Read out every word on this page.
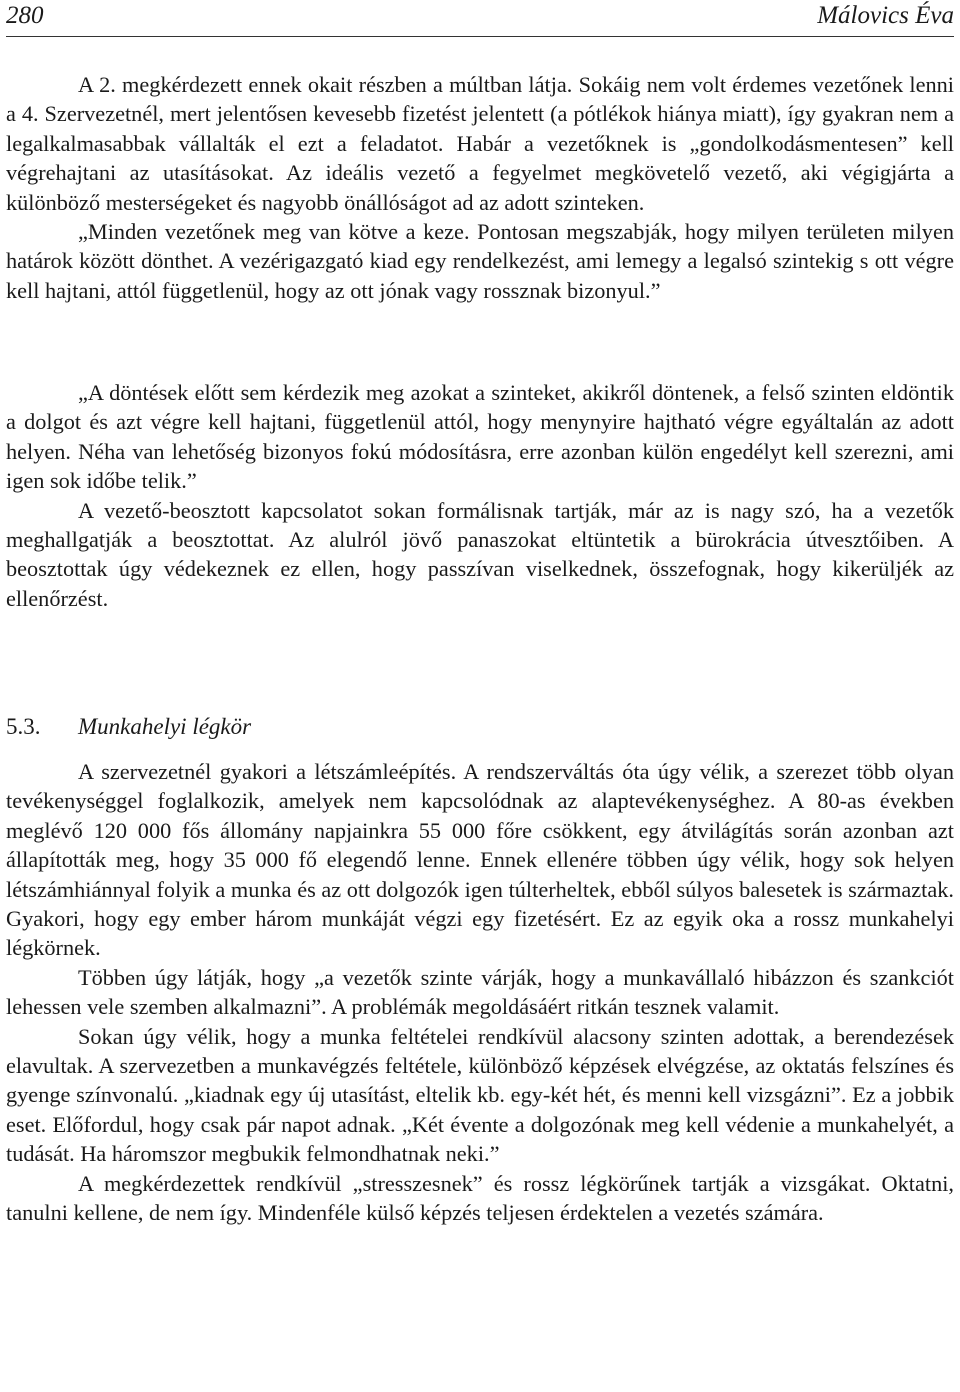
280	Málovics Éva

A 2. megkérdezett ennek okait részben a múltban látja. Sokáig nem volt érdemes vezetőnek lenni a 4. Szervezetnél, mert jelentősen kevesebb fizetést jelentett (a pótlékok hiánya miatt), így gyakran nem a legalkalmasabbak vállalták el ezt a feladatot. Habár a vezetőknek is „gondolkodásmentesen” kell végrehajtani az utasításokat. Az ideális vezető a fegyelmet megkövetelő vezető, aki végigjárta a különböző mesterségeket és nagyobb önállóságot ad az adott szinteken.

„Minden vezetőnek meg van kötve a keze. Pontosan megszabják, hogy milyen területen milyen határok között dönthet. A vezérigazgató kiad egy rendelkezést, ami lemegy a legalsó szintekig s ott végre kell hajtani, attól függetlenül, hogy az ott jónak vagy rossznak bizonyul.”

„A döntések előtt sem kérdezik meg azokat a szinteket, akikről döntenek, a felső szinten eldöntik a dolgot és azt végre kell hajtani, függetlenül attól, hogy menynyire hajtható végre egyáltalán az adott helyen. Néha van lehetőség bizonyos fokú módosításra, erre azonban külön engedélyt kell szerezni, ami igen sok időbe telik.”

A vezető-beosztott kapcsolatot sokan formálisnak tartják, már az is nagy szó, ha a vezetők meghallgatják a beosztottat. Az alulról jövő panaszokat eltüntetik a bürokrácia útvesztőiben. A beosztottak úgy védekeznek ez ellen, hogy passzívan viselkednek, összefognak, hogy kikerüljék az ellenőrzést.

5.3. Munkahelyi légkör

A szervezetnél gyakori a létszámleépítés. A rendszerváltás óta úgy vélik, a szerezet több olyan tevékenységgel foglalkozik, amelyek nem kapcsolódnak az alaptevékenységhez. A 80-as években meglévő 120 000 fős állomány napjainkra 55 000 főre csökkent, egy átvilágítás során azonban azt állapították meg, hogy 35 000 fő elegendő lenne. Ennek ellenére többen úgy vélik, hogy sok helyen létszámhiánnyal folyik a munka és az ott dolgozók igen túlterheltek, ebből súlyos balesetek is származtak. Gyakori, hogy egy ember három munkáját végzi egy fizetésért. Ez az egyik oka a rossz munkahelyi légkörnek.

Többen úgy látják, hogy „a vezetők szinte várják, hogy a munkavállaló hibázzon és szankciót lehessen vele szemben alkalmazni”. A problémák megoldásáért ritkán tesznek valamit.

Sokan úgy vélik, hogy a munka feltételei rendkívül alacsony szinten adottak, a berendezések elavultak. A szervezetben a munkavégzés feltétele, különböző képzések elvégzése, az oktatás felszínes és gyenge színvonalú. „kiadnak egy új utasítást, eltelik kb. egy-két hét, és menni kell vizsgázni”. Ez a jobbik eset. Előfordul, hogy csak pár napot adnak. „Két évente a dolgozónak meg kell védenie a munkahelyét, a tudását. Ha háromszor megbukik felmondhatnak neki.”

A megkérdezettek rendkívül „stresszesnek” és rossz légkörűnek tartják a vizsgákat. Oktatni, tanulni kellene, de nem így. Mindenféle külső képzés teljesen érdektelen a vezetés számára.
